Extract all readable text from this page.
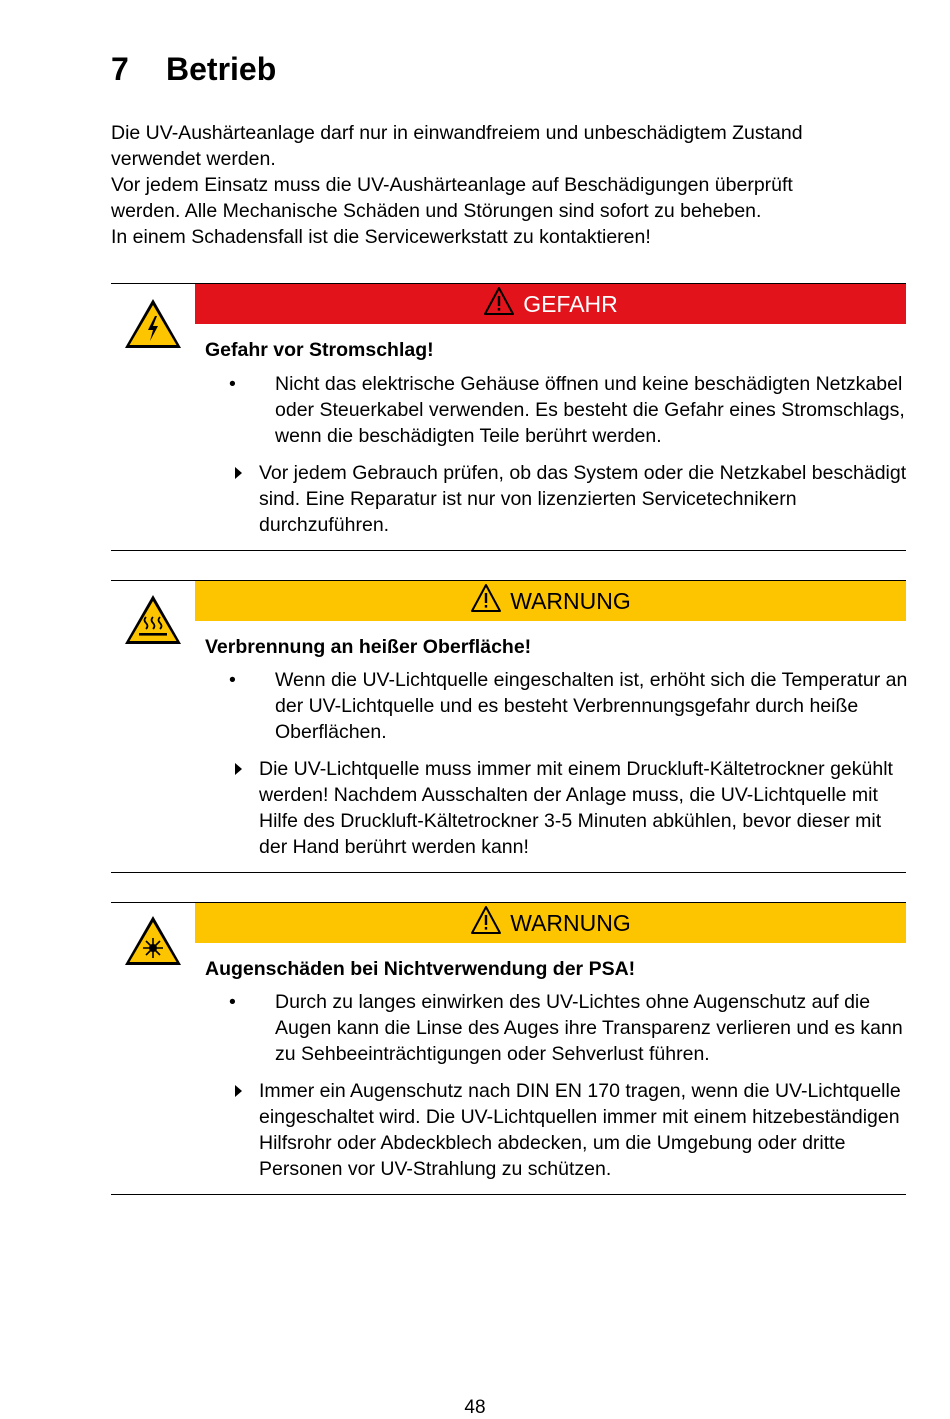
7 Betrieb

Die UV-Aushärteanlage darf nur in einwandfreiem und unbeschädigtem Zustand

verwendet werden.

Vor jedem Einsatz muss die UV-Aushärteanlage auf Beschädigungen überprüft

werden. Alle Mechanische Schäden und Störungen sind sofort zu beheben.

In einem Schadensfall ist die Servicewerkstatt zu kontaktieren!

GEFAHR
Gefahr vor Stromschlag!
•	Nicht das elektrische Gehäuse öffnen und keine beschädigten Netzkabel oder Steuerkabel verwenden. Es besteht die Gefahr eines Stromschlags, wenn die beschädigten Teile berührt werden.
Vor jedem Gebrauch prüfen, ob das System oder die Netzkabel beschädigt sind. Eine Reparatur ist nur von lizenzierten Servicetechnikern durchzuführen.
WARNUNG
Verbrennung an heißer Oberfläche!
•	Wenn die UV-Lichtquelle eingeschalten ist, erhöht sich die Temperatur an der UV-Lichtquelle und es besteht Verbrennungsgefahr durch heiße Oberflächen.
Die UV-Lichtquelle muss immer mit einem Druckluft-Kältetrockner gekühlt werden! Nachdem Ausschalten der Anlage muss, die UV-Lichtquelle mit Hilfe des Druckluft-Kältetrockner 3-5 Minuten abkühlen, bevor dieser mit der Hand berührt werden kann!
WARNUNG
Augenschäden bei Nichtverwendung der PSA!
•	Durch zu langes einwirken des UV-Lichtes ohne Augenschutz auf die Augen kann die Linse des Auges ihre Transparenz verlieren und es kann zu Sehbeeinträchtigungen oder Sehverlust führen.
Immer ein Augenschutz nach DIN EN 170 tragen, wenn die UV-Lichtquelle eingeschaltet wird. Die UV-Lichtquellen immer mit einem hitzebeständigen Hilfsrohr oder Abdeckblech abdecken, um die Umgebung oder dritte Personen vor UV-Strahlung zu schützen.
48
